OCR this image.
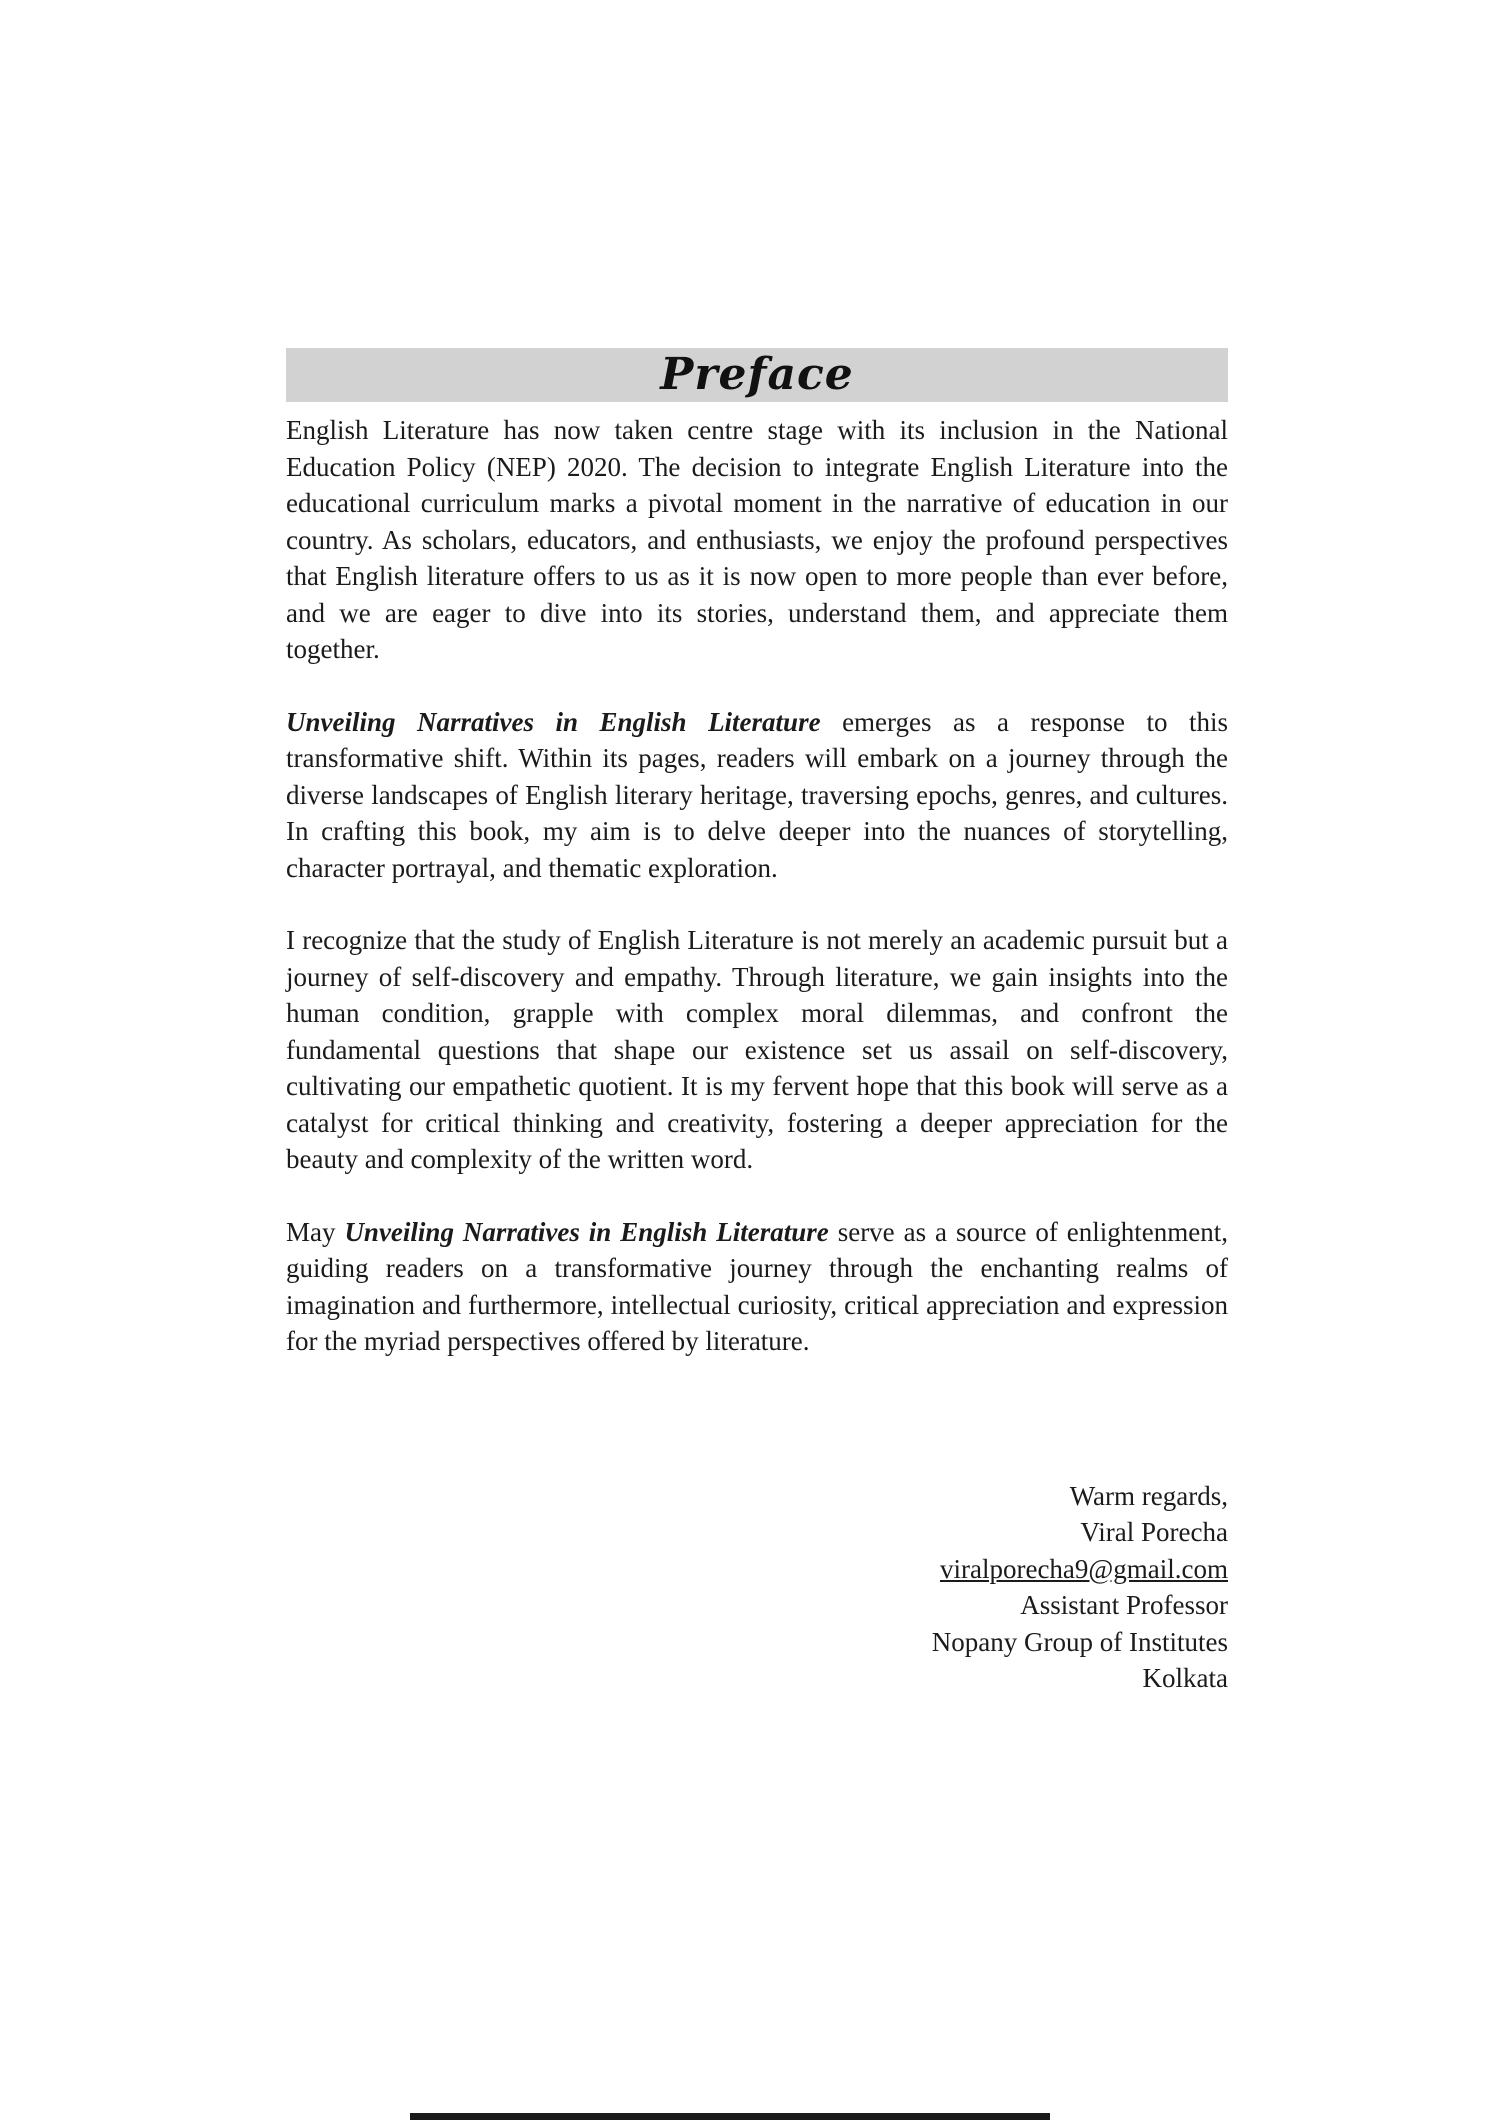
Preface
English Literature has now taken centre stage with its inclusion in the National Education Policy (NEP) 2020. The decision to integrate English Literature into the educational curriculum marks a pivotal moment in the narrative of education in our country. As scholars, educators, and enthusiasts, we enjoy the profound perspectives that English literature offers to us as it is now open to more people than ever before, and we are eager to dive into its stories, understand them, and appreciate them together.
Unveiling Narratives in English Literature emerges as a response to this transformative shift. Within its pages, readers will embark on a journey through the diverse landscapes of English literary heritage, traversing epochs, genres, and cultures. In crafting this book, my aim is to delve deeper into the nuances of storytelling, character portrayal, and thematic exploration.
I recognize that the study of English Literature is not merely an academic pursuit but a journey of self-discovery and empathy. Through literature, we gain insights into the human condition, grapple with complex moral dilemmas, and confront the fundamental questions that shape our existence set us assail on self-discovery, cultivating our empathetic quotient. It is my fervent hope that this book will serve as a catalyst for critical thinking and creativity, fostering a deeper appreciation for the beauty and complexity of the written word.
May Unveiling Narratives in English Literature serve as a source of enlightenment, guiding readers on a transformative journey through the enchanting realms of imagination and furthermore, intellectual curiosity, critical appreciation and expression for the myriad perspectives offered by literature.
Warm regards,
Viral Porecha
viralporecha9@gmail.com
Assistant Professor
Nopany Group of Institutes
Kolkata
